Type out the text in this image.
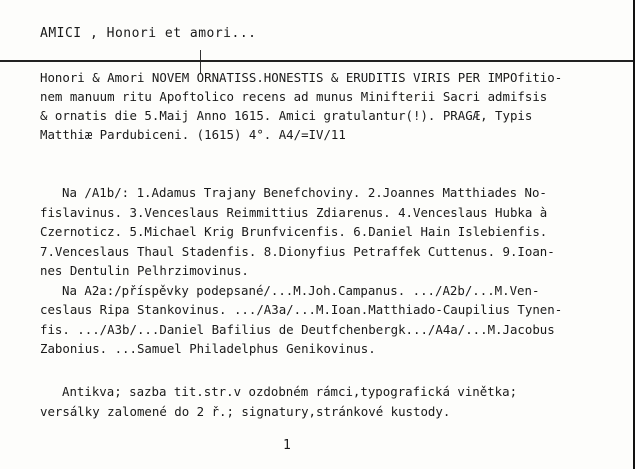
AMICI , Honori et amori...
Honori & Amori NOVEM ORNATISS.HONESTIS & ERUDITIS VIRIS PER IMPOfitio-
nem manuum ritu Apoftolico recens ad munus Minifterii Sacri admifsis
& ornatis die 5.Maij Anno 1615. Amici gratulantur(!). PRAGÆ, Typis
Matthiæ Pardubiceni. (1615) 4°. A4/=IV/11
Na /A1b/: 1.Adamus Trajany Benefchoviny. 2.Joannes Matthiades No-
fislavinus. 3.Venceslaus Reimmittius Zdiarenus. 4.Venceslaus Hubka à
Czernoticz. 5.Michael Krig Brunfvicenfis. 6.Daniel Hain Islebienfis.
7.Venceslaus Thaul Stadenfis. 8.Dionyfius Petraffek Cuttenus. 9.Ioan-
nes Dentulin Pelhrzimovinus.
Na A2a:/příspěvky podepsané/...M.Joh.Campanus. .../A2b/...M.Ven-
ceslaus Ripa Stankovinus. .../A3a/...M.Ioan.Matthiado-Caupilius Tynen-
fis. .../A3b/...Daniel Bafilius de Deutfchenbergk.../A4a/...M.Jacobus
Zabonius. ...Samuel Philadelphus Genikovinus.
Antikva; sazba tit.str.v ozdobném rámci,typografická vinětka;
versálky zalomené do 2 ř.; signatury,stránkové kustody.
1
